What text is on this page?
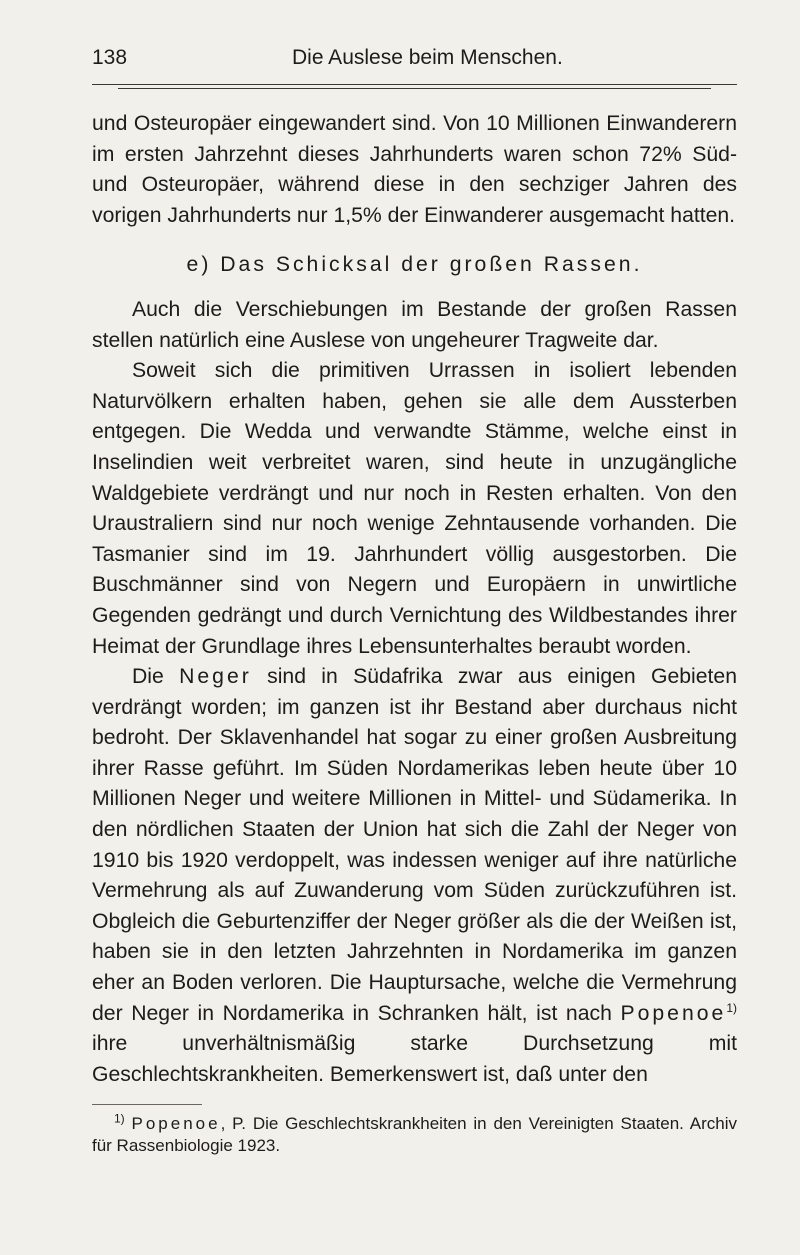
138	Die Auslese beim Menschen.

und Osteuropäer eingewandert sind. Von 10 Millionen Einwanderern im ersten Jahrzehnt dieses Jahrhunderts waren schon 72% Süd- und Osteuropäer, während diese in den sechziger Jahren des vorigen Jahrhunderts nur 1,5% der Einwanderer ausgemacht hatten.

e) Das Schicksal der großen Rassen.

Auch die Verschiebungen im Bestande der großen Rassen stellen natürlich eine Auslese von ungeheurer Tragweite dar.

Soweit sich die primitiven Urrassen in isoliert lebenden Naturvölkern erhalten haben, gehen sie alle dem Aussterben entgegen. Die Wedda und verwandte Stämme, welche einst in Inselindien weit verbreitet waren, sind heute in unzugängliche Waldgebiete verdrängt und nur noch in Resten erhalten. Von den Uraustraliern sind nur noch wenige Zehntausende vorhanden. Die Tasmanier sind im 19. Jahrhundert völlig ausgestorben. Die Buschmänner sind von Negern und Europäern in unwirtliche Gegenden gedrängt und durch Vernichtung des Wildbestandes ihrer Heimat der Grundlage ihres Lebensunterhaltes beraubt worden.

Die Neger sind in Südafrika zwar aus einigen Gebieten verdrängt worden; im ganzen ist ihr Bestand aber durchaus nicht bedroht. Der Sklavenhandel hat sogar zu einer großen Ausbreitung ihrer Rasse geführt. Im Süden Nordamerikas leben heute über 10 Millionen Neger und weitere Millionen in Mittel- und Südamerika. In den nördlichen Staaten der Union hat sich die Zahl der Neger von 1910 bis 1920 verdoppelt, was indessen weniger auf ihre natürliche Vermehrung als auf Zuwanderung vom Süden zurückzuführen ist. Obgleich die Geburtenziffer der Neger größer als die der Weißen ist, haben sie in den letzten Jahrzehnten in Nordamerika im ganzen eher an Boden verloren. Die Hauptursache, welche die Vermehrung der Neger in Nordamerika in Schranken hält, ist nach Popenoe$^{1)}$ ihre unverhältnismäßig starke Durchsetzung mit Geschlechtskrankheiten. Bemerkenswert ist, daß unter den

$^{1)}$ Popenoe, P. Die Geschlechtskrankheiten in den Vereinigten Staaten. Archiv für Rassenbiologie 1923.
